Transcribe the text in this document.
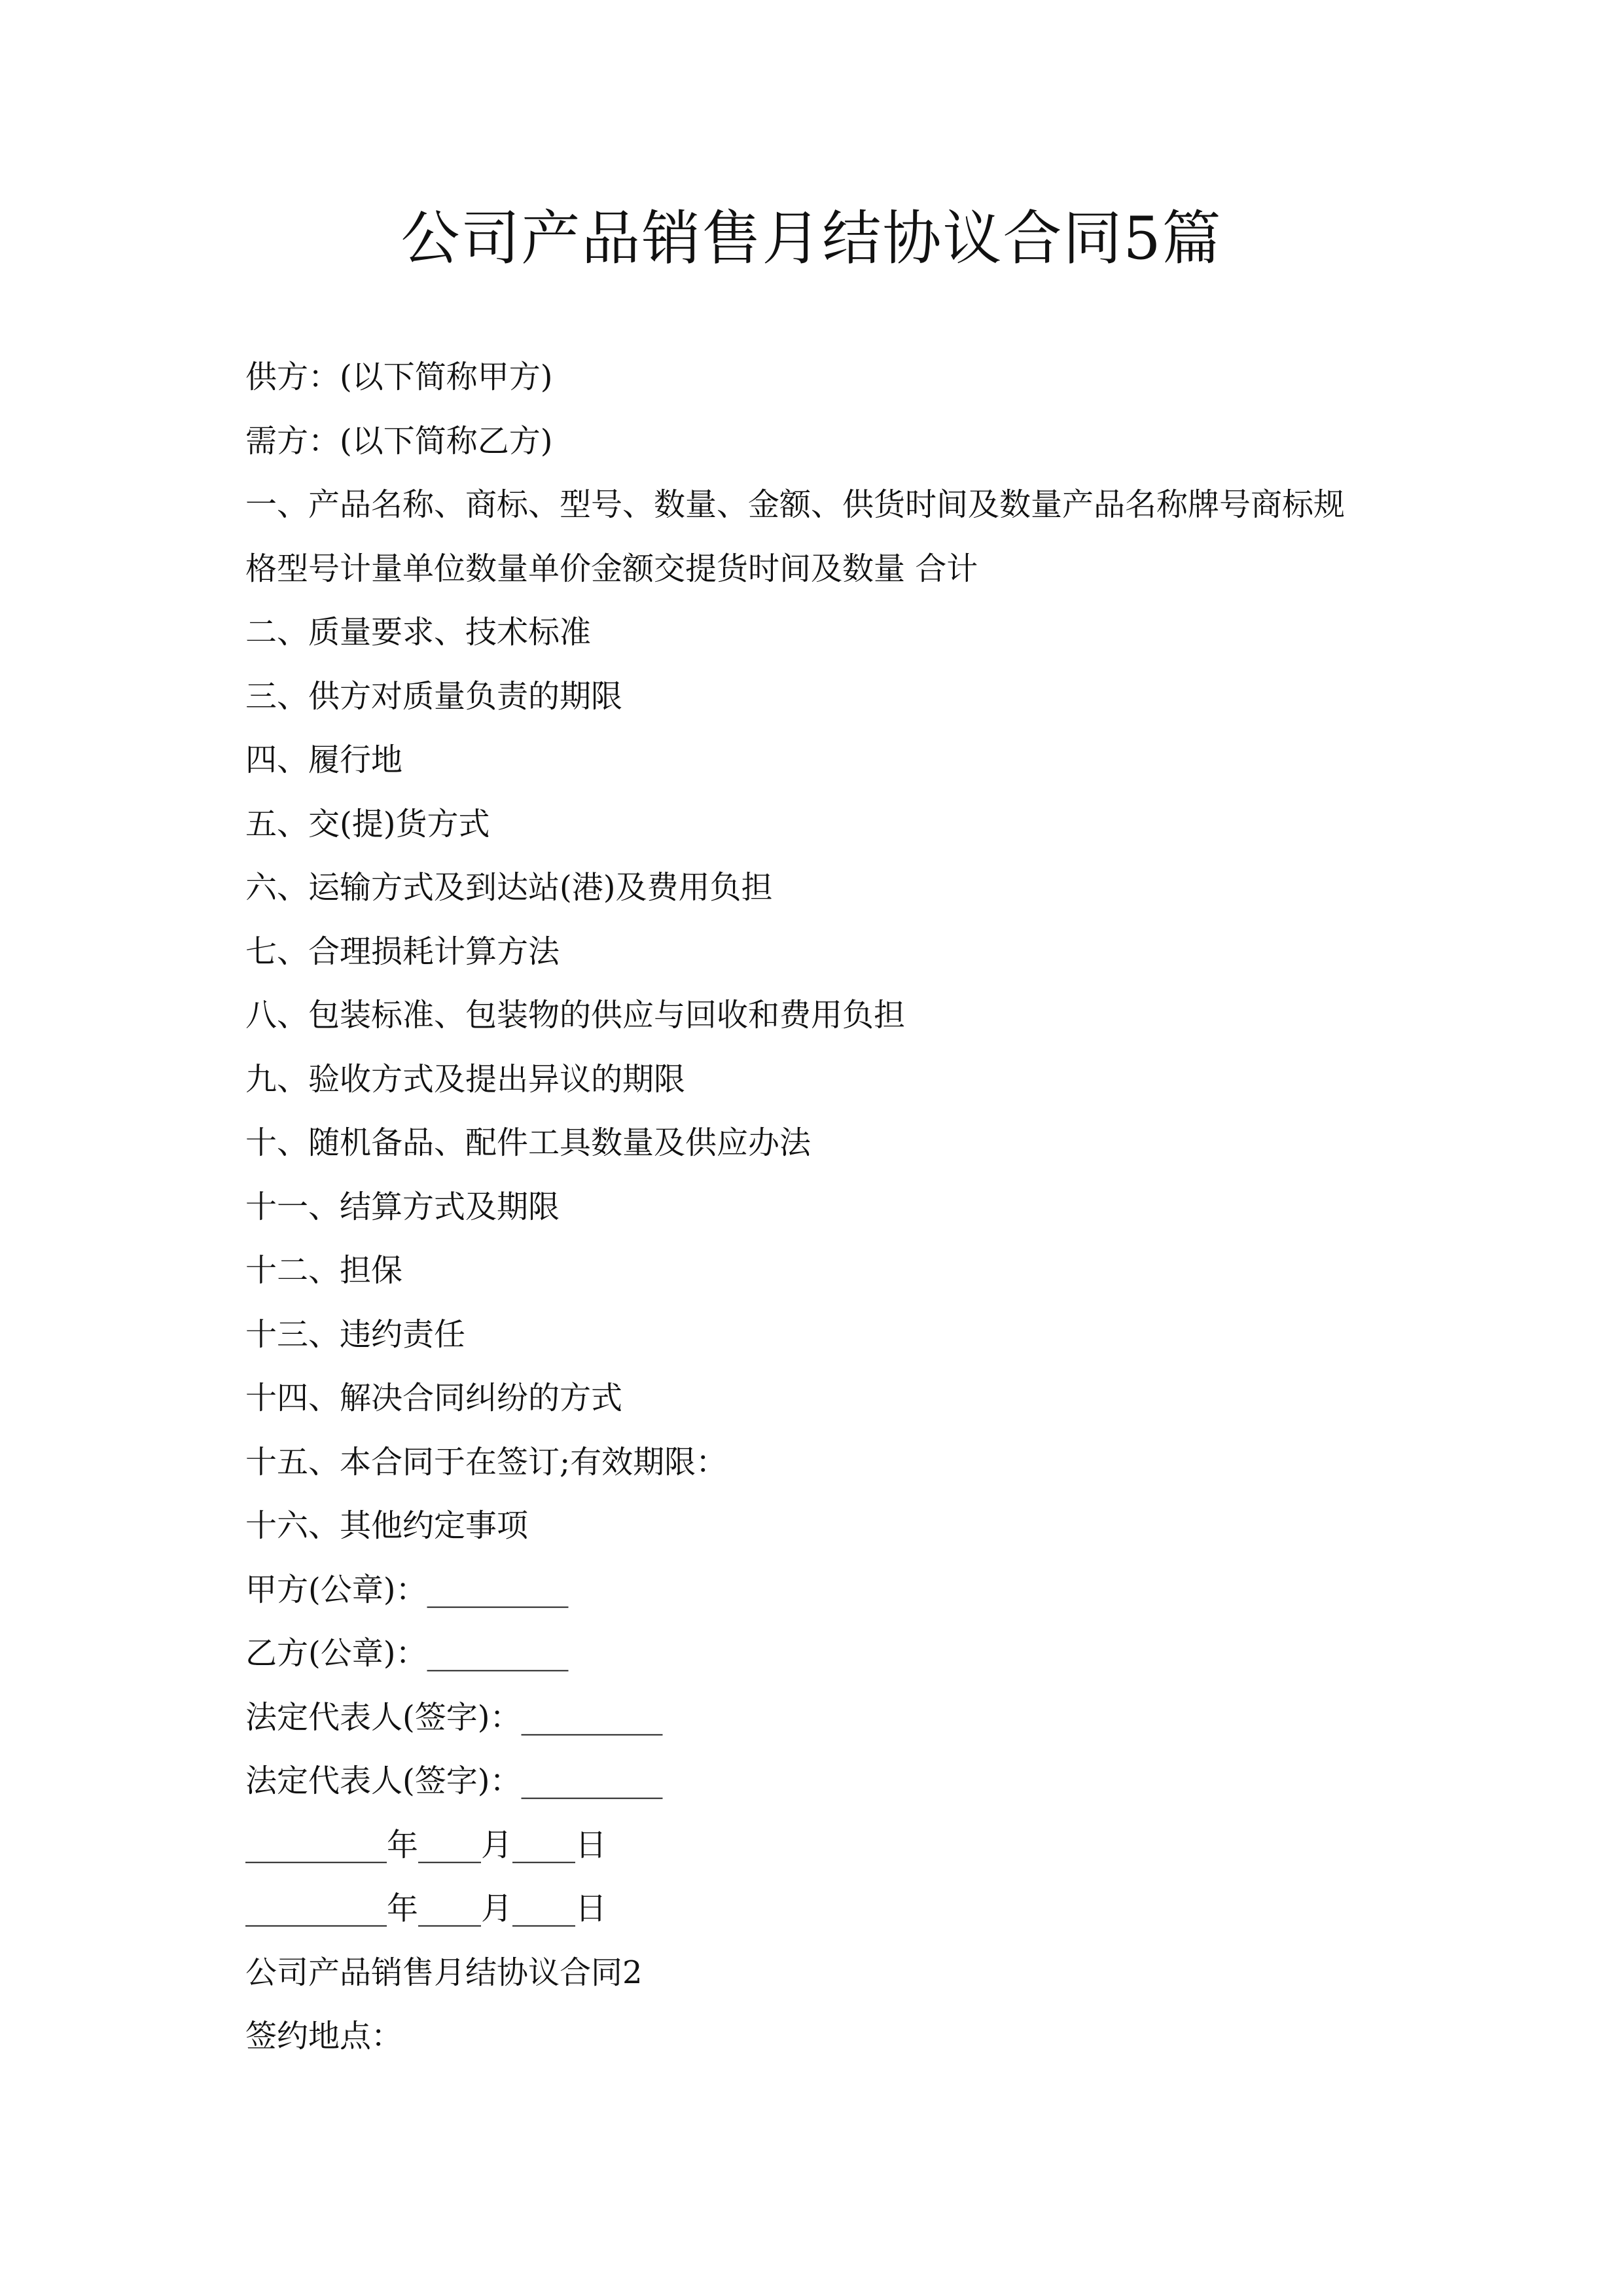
公司产品销售月结协议合同5篇
供方：(以下简称甲方)
需方：(以下简称乙方)
一、产品名称、商标、型号、数量、金额、供货时间及数量产品名称牌号商标规
格型号计量单位数量单价金额交提货时间及数量 合计
二、质量要求、技术标准
三、供方对质量负责的期限
四、履行地
五、交(提)货方式
六、运输方式及到达站(港)及费用负担
七、合理损耗计算方法
八、包装标准、包装物的供应与回收和费用负担
九、验收方式及提出异议的期限
十、随机备品、配件工具数量及供应办法
十一、结算方式及期限
十二、担保
十三、违约责任
十四、解决合同纠纷的方式
十五、本合同于在签订;有效期限：
十六、其他约定事项
甲方(公章)：_________
乙方(公章)：_________
法定代表人(签字)：_________
法定代表人(签字)：_________
_________年____月____日
_________年____月____日
公司产品销售月结协议合同2
签约地点：
